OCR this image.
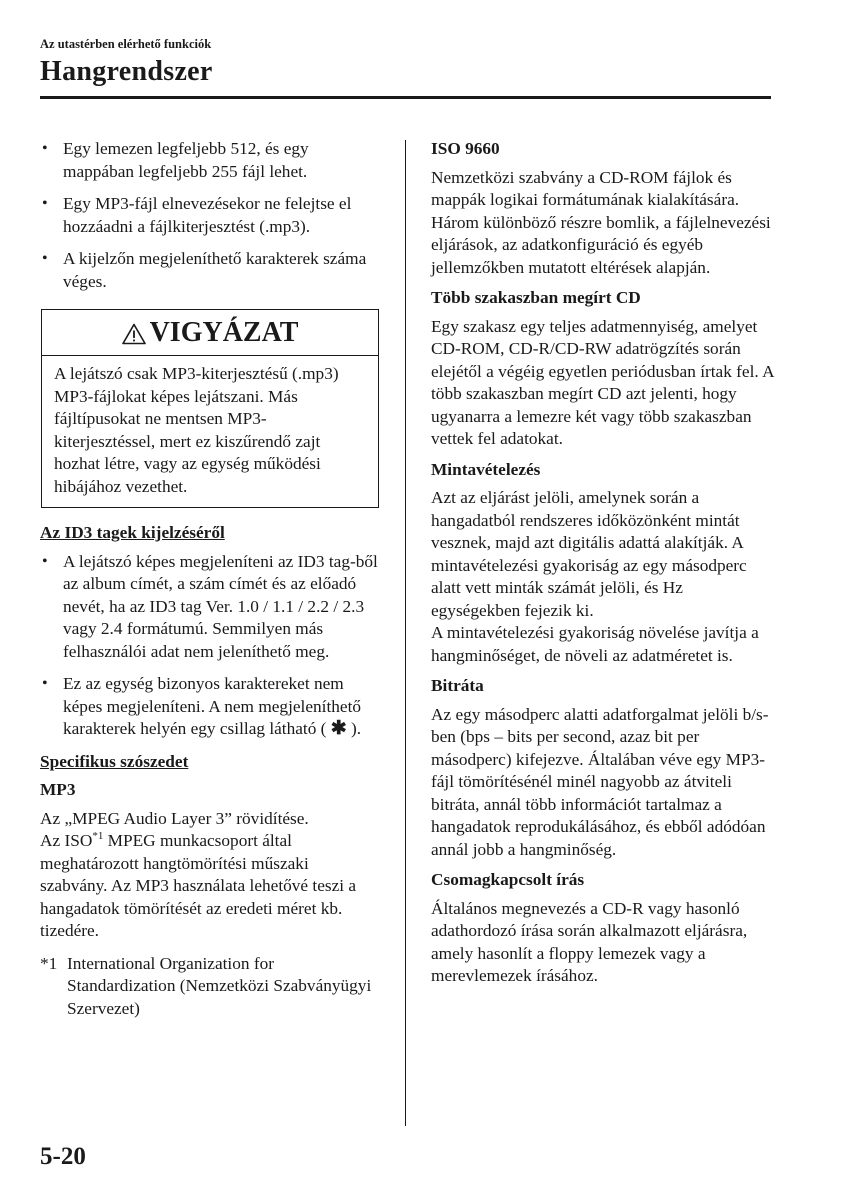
Az utastérben elérhető funkciók
Hangrendszer
• Egy lemezen legfeljebb 512, és egy mappában legfeljebb 255 fájl lehet.
• Egy MP3-fájl elnevezésekor ne felejtse el hozzáadni a fájlkiterjesztést (.mp3).
• A kijelzőn megjeleníthető karakterek száma véges.
VIGYÁZAT
A lejátszó csak MP3-kiterjesztésű (.mp3) MP3-fájlokat képes lejátszani. Más fájltípusokat ne mentsen MP3-kiterjesztéssel, mert ez kiszűrendő zajt hozhat létre, vagy az egység működési hibájához vezethet.
Az ID3 tagek kijelzéséről
• A lejátszó képes megjeleníteni az ID3 tag-ből az album címét, a szám címét és az előadó nevét, ha az ID3 tag Ver. 1.0 / 1.1 / 2.2 / 2.3 vagy 2.4 formátumú. Semmilyen más felhasználói adat nem jeleníthető meg.
• Ez az egység bizonyos karaktereket nem képes megjeleníteni. A nem megjeleníthető karakterek helyén egy csillag látható ( ✱ ).
Specifikus szószedet
MP3

Az „MPEG Audio Layer 3” rövidítése.
Az ISO$^{*1}$ MPEG munkacsoport által meghatározott hangtömörítési műszaki szabvány. Az MP3 használata lehetővé teszi a hangadatok tömörítését az eredeti méret kb. tizedére.

*1 International Organization for Standardization (Nemzetközi Szabványügyi Szervezet)
ISO 9660

Nemzetközi szabvány a CD-ROM fájlok és mappák logikai formátumának kialakítására.

Három különböző részre bomlik, a fájlelnevezési eljárások, az adatkonfiguráció és egyéb jellemzőkben mutatott eltérések alapján.

Több szakaszban megírt CD

Egy szakasz egy teljes adatmennyiség, amelyet CD-ROM, CD-R/CD-RW adatrögzítés során elejétől a végéig egyetlen periódusban írtak fel. A több szakaszban megírt CD azt jelenti, hogy ugyanarra a lemezre két vagy több szakaszban vettek fel adatokat.

Mintavételezés

Azt az eljárást jelöli, amelynek során a hangadatból rendszeres időközönként mintát vesznek, majd azt digitális adattá alakítják. A mintavételezési gyakoriság az egy másodperc alatt vett minták számát jelöli, és Hz egységekben fejezik ki.

A mintavételezési gyakoriság növelése javítja a hangminőséget, de növeli az adatméretet is.

Bitráta

Az egy másodperc alatti adatforgalmat jelöli b/s-ben (bps – bits per second, azaz bit per másodperc) kifejezve. Általában véve egy MP3-fájl tömörítésénél minél nagyobb az átviteli bitráta, annál több információt tartalmaz a hangadatok reprodukálásához, és ebből adódóan annál jobb a hangminőség.

Csomagkapcsolt írás

Általános megnevezés a CD-R vagy hasonló adathordozó írása során alkalmazott eljárásra, amely hasonlít a floppy lemezek vagy a merevlemezek írásához.

5-20
